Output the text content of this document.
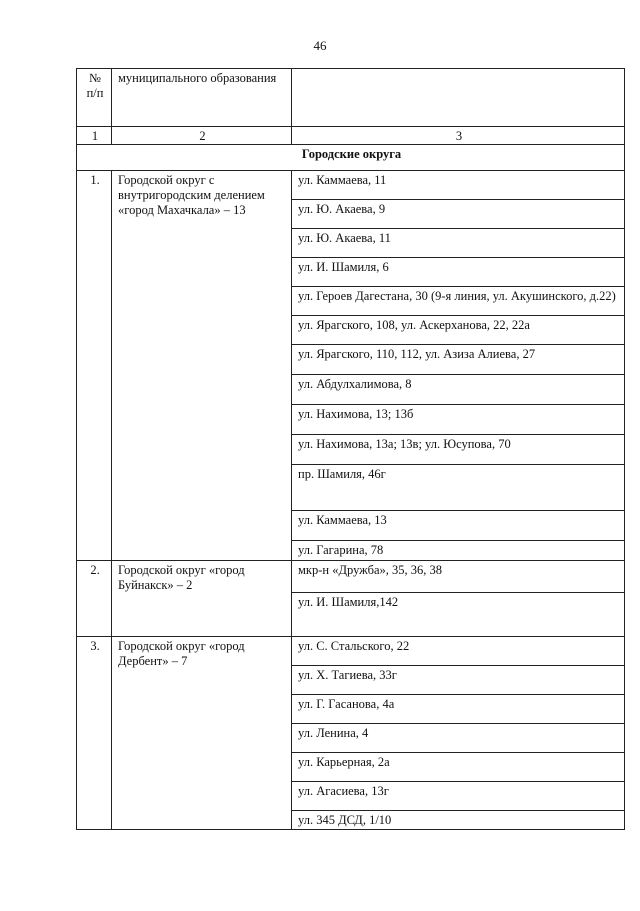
46
№ п/п	муниципального образования	
1	2	3
Городские округа		
1.	Городской округ с внутригородским делением «город Махачкала» – 13	ул. Каммаева, 11
		ул. Ю. Акаева, 9
		ул. Ю. Акаева, 11
		ул. И. Шамиля, 6
		ул. Героев Дагестана, 30 (9-я линия, ул. Акушинского, д.22)
		ул. Ярагского, 108, ул. Аскерханова, 22, 22а
		ул. Ярагского, 110, 112, ул. Азиза Алиева, 27
		ул. Абдулхалимова, 8
		ул. Нахимова, 13; 13б
		ул. Нахимова, 13а; 13в; ул. Юсупова, 70
		пр. Шамиля, 46г
		ул. Каммаева, 13
		ул. Гагарина, 78
2.	Городской округ «город Буйнакск» – 2	мкр-н «Дружба», 35, 36, 38
		ул. И. Шамиля,142
3.	Городской округ «город Дербент» – 7	ул. С. Стальского, 22
		ул. Х. Тагиева, 33г
		ул. Г. Гасанова, 4а
		ул. Ленина, 4
		ул. Карьерная, 2а
		ул. Агасиева, 13г
		ул. 345 ДСД, 1/10
